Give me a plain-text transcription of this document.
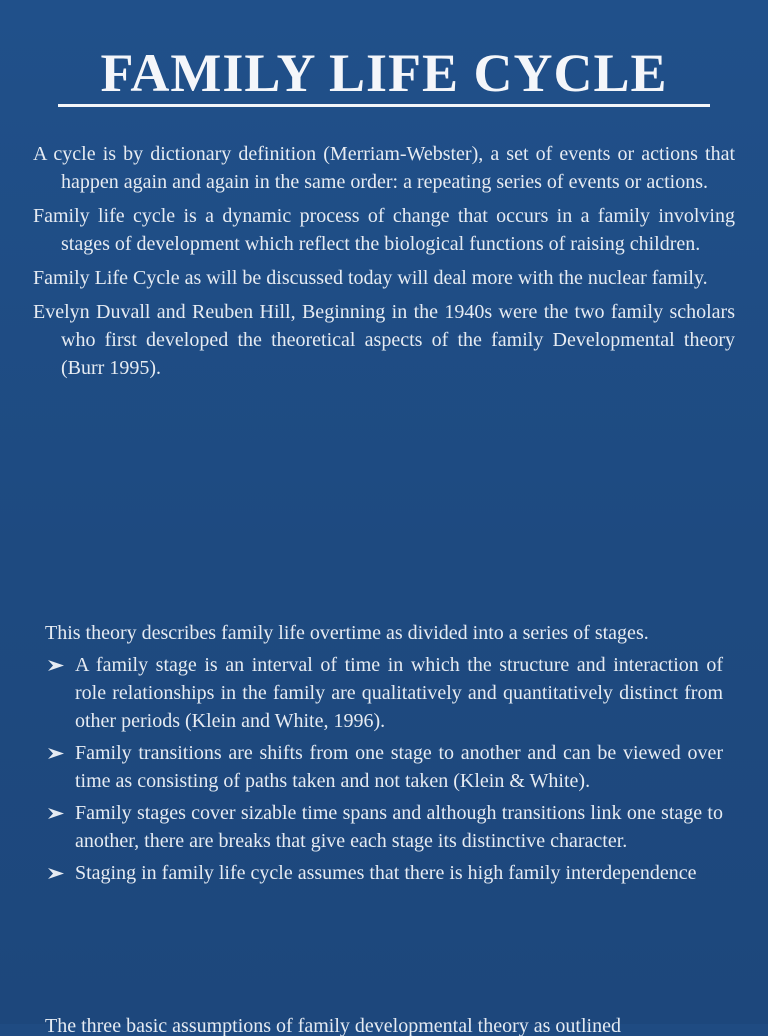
FAMILY LIFE CYCLE

A cycle is by dictionary definition (Merriam-Webster), a set of events or actions that happen again and again in the same order: a repeating series of events or actions.

Family life cycle is a dynamic process of change that occurs in a family involving stages of development which reflect the biological functions of raising children.

Family Life Cycle as will be discussed today will deal more with the nuclear family.

Evelyn Duvall and Reuben Hill, Beginning in the 1940s were the two family scholars who first developed the theoretical aspects of the family Developmental theory (Burr 1995).

This theory describes family life overtime as divided into a series of stages.

A family stage is an interval of time in which the structure and interaction of role relationships in the family are qualitatively and quantitatively distinct from other periods (Klein and White, 1996).
Family transitions are shifts from one stage to another and can be viewed over time as consisting of paths taken and not taken (Klein & White).
Family stages cover sizable time spans and although transitions link one stage to another, there are breaks that give each stage its distinctive character.
Staging in family life cycle assumes that there is high family interdependence
The three basic assumptions of family developmental theory as outlined
